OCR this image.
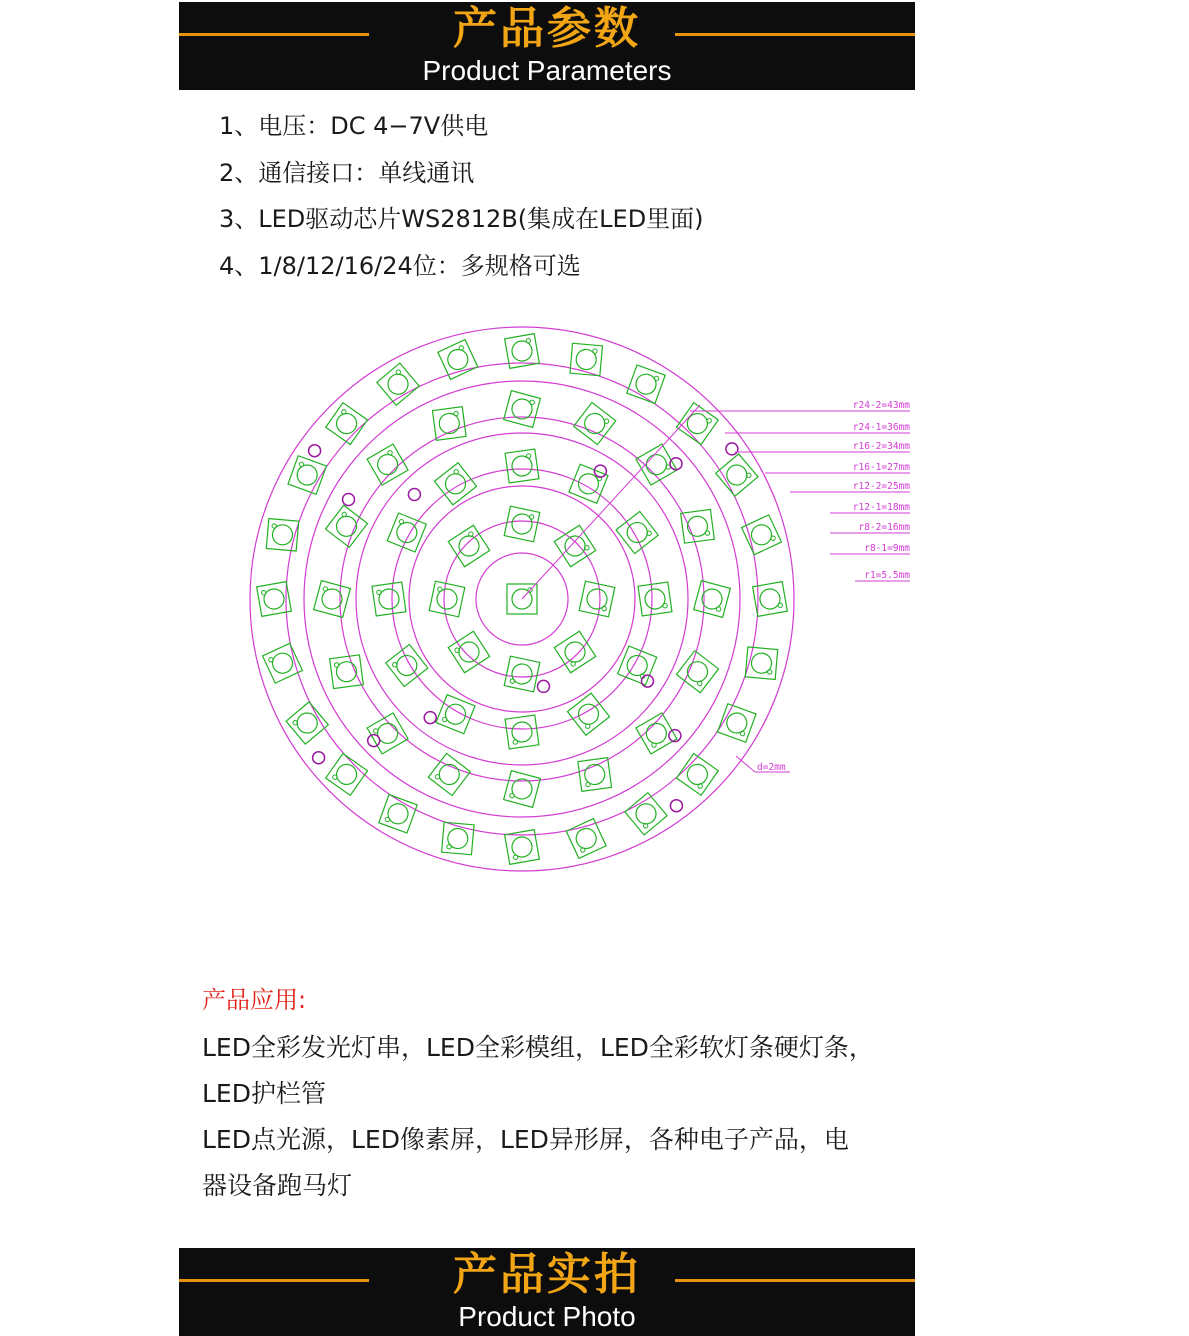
产品参数
Product Parameters
1、电压：DC 4−7V供电
2、通信接口：单线通讯
3、LED驱动芯片WS2812B(集成在LED里面)
4、1/8/12/16/24位：多规格可选
r24-2=43mm
r24-1=36mm
r16-2=34mm
r16-1=27mm
r12-2=25mm
r12-1=18mm
r8-2=16mm
r8-1=9mm
r1=5.5mm
d=2mm
产品应用:

LED全彩发光灯串，LED全彩模组，LED全彩软灯条硬灯条，

LED护栏管

LED点光源，LED像素屏，LED异形屏，各种电子产品，电

器设备跑马灯

产品实拍
Product Photo
